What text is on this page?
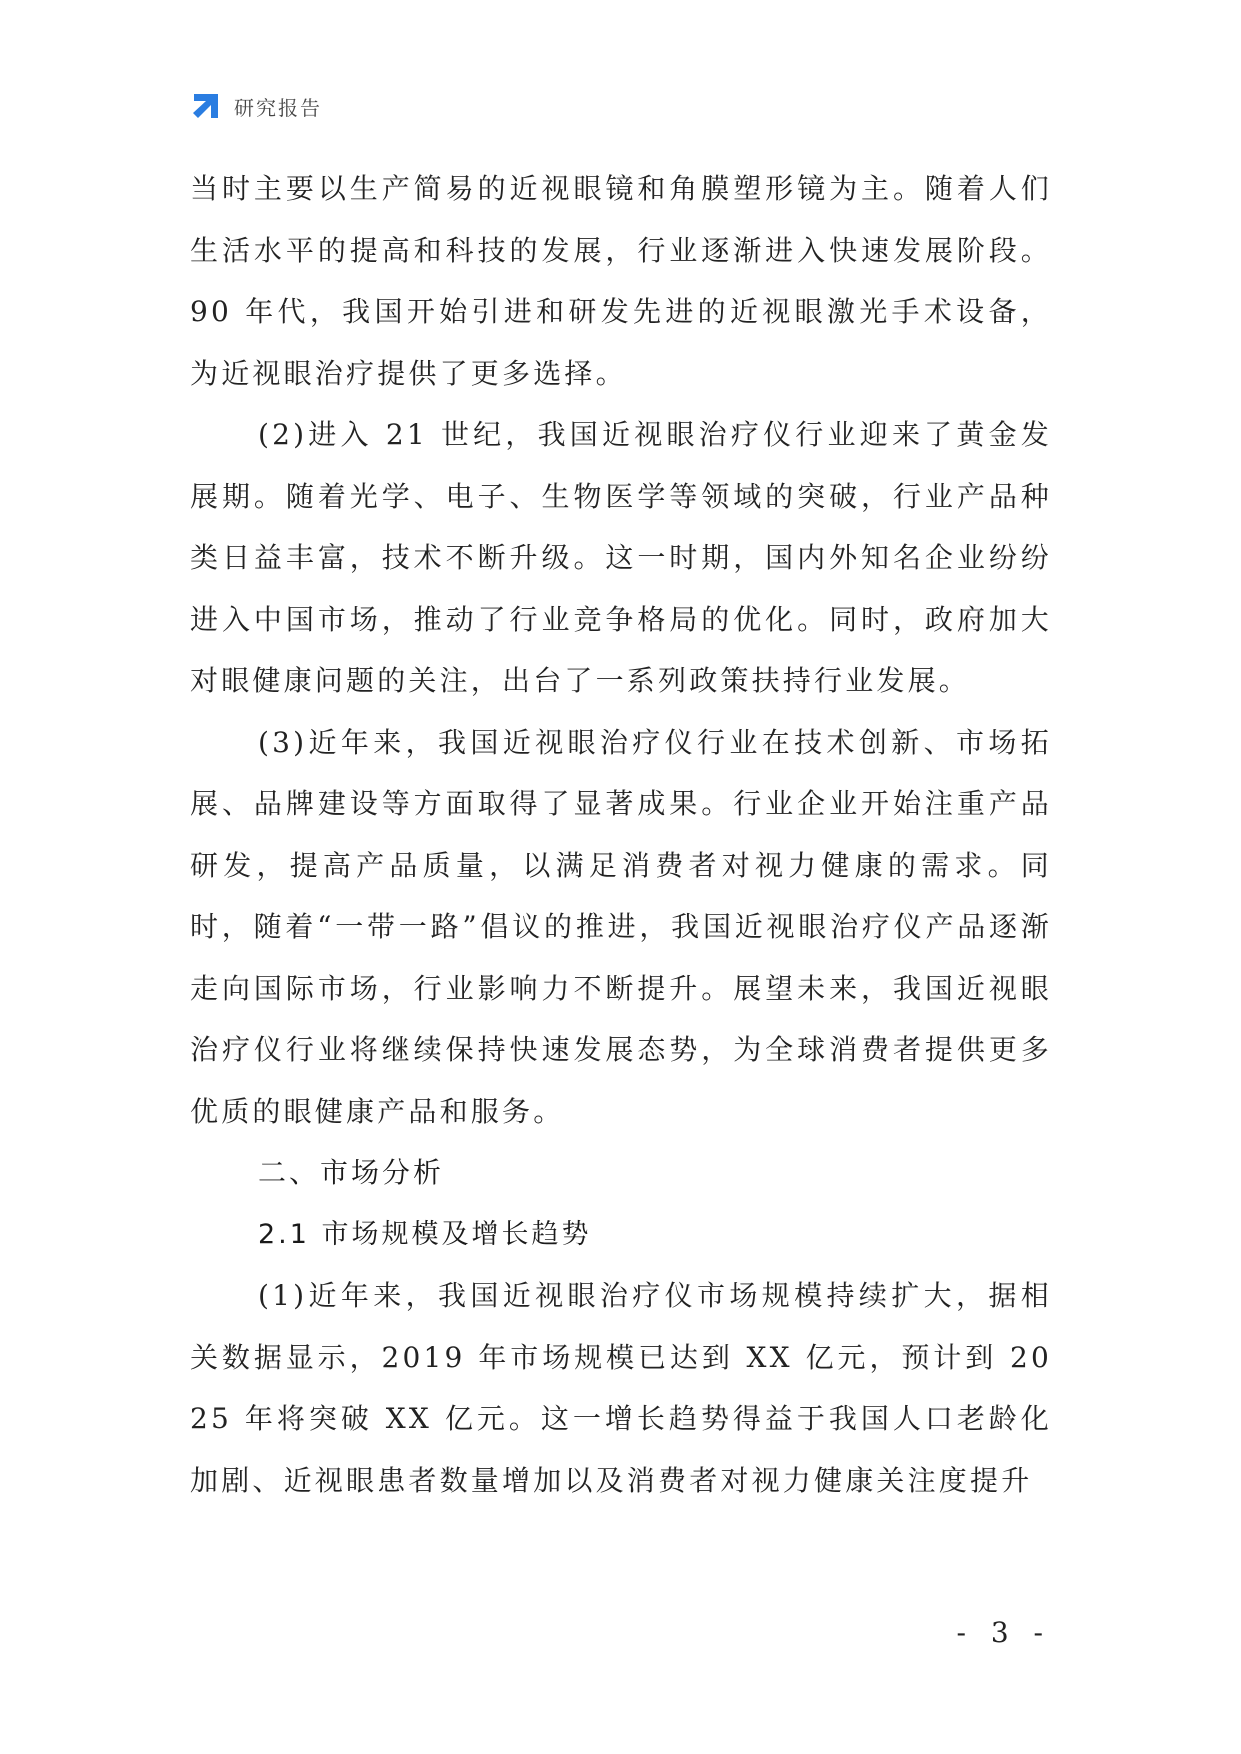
研究报告

当时主要以生产简易的近视眼镜和角膜塑形镜为主。随着人们生活水平的提高和科技的发展，行业逐渐进入快速发展阶段。90 年代，我国开始引进和研发先进的近视眼激光手术设备，为近视眼治疗提供了更多选择。

(2)进入 21 世纪，我国近视眼治疗仪行业迎来了黄金发展期。随着光学、电子、生物医学等领域的突破，行业产品种类日益丰富，技术不断升级。这一时期，国内外知名企业纷纷进入中国市场，推动了行业竞争格局的优化。同时，政府加大对眼健康问题的关注，出台了一系列政策扶持行业发展。

(3)近年来，我国近视眼治疗仪行业在技术创新、市场拓展、品牌建设等方面取得了显著成果。行业企业开始注重产品研发，提高产品质量，以满足消费者对视力健康的需求。同时，随着“一带一路”倡议的推进，我国近视眼治疗仪产品逐渐走向国际市场，行业影响力不断提升。展望未来，我国近视眼治疗仪行业将继续保持快速发展态势，为全球消费者提供更多优质的眼健康产品和服务。

二、市场分析

2.1 市场规模及增长趋势

(1)近年来，我国近视眼治疗仪市场规模持续扩大，据相关数据显示，2019 年市场规模已达到 XX 亿元，预计到 2025 年将突破 XX 亿元。这一增长趋势得益于我国人口老龄化加剧、近视眼患者数量增加以及消费者对视力健康关注度提升

- 3 -
